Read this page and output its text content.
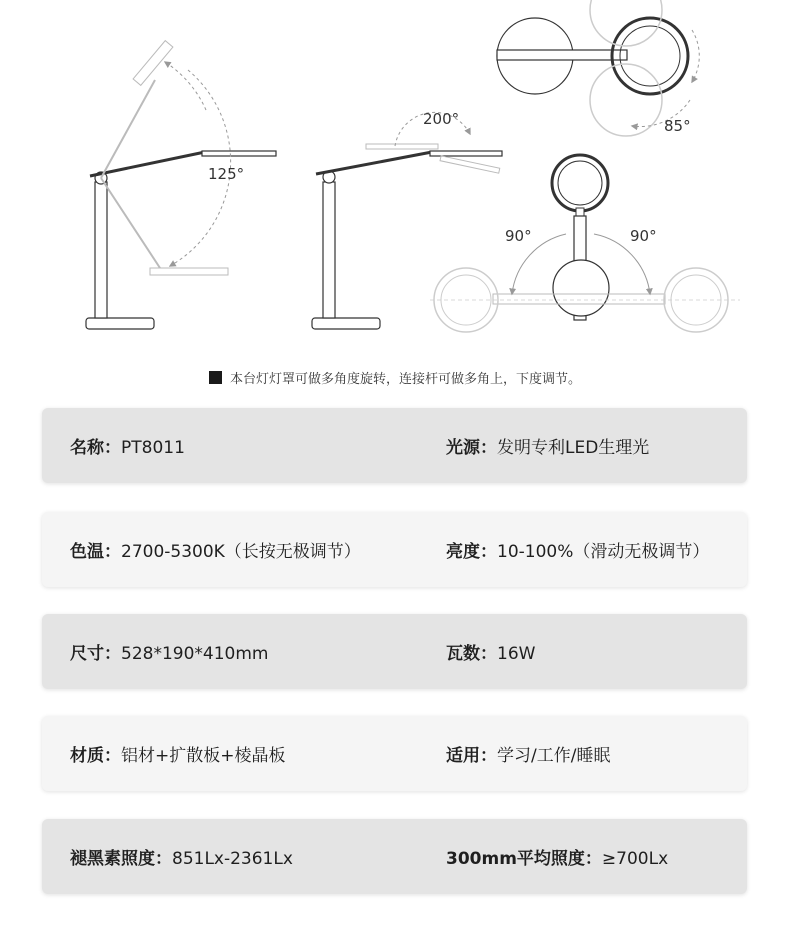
125°
200°	85°
90°	90°
本台灯灯罩可做多角度旋转，连接杆可做多角上，下度调节。
名称：PT8011	光源：发明专利LED生理光
色温：2700-5300K（长按无极调节）	亮度：10-100%（滑动无极调节）
尺寸：528*190*410mm	瓦数：16W
材质：铝材+扩散板+棱晶板	适用：学习/工作/睡眠
褪黑素照度：851Lx-2361Lx	300mm平均照度：≥700Lx
